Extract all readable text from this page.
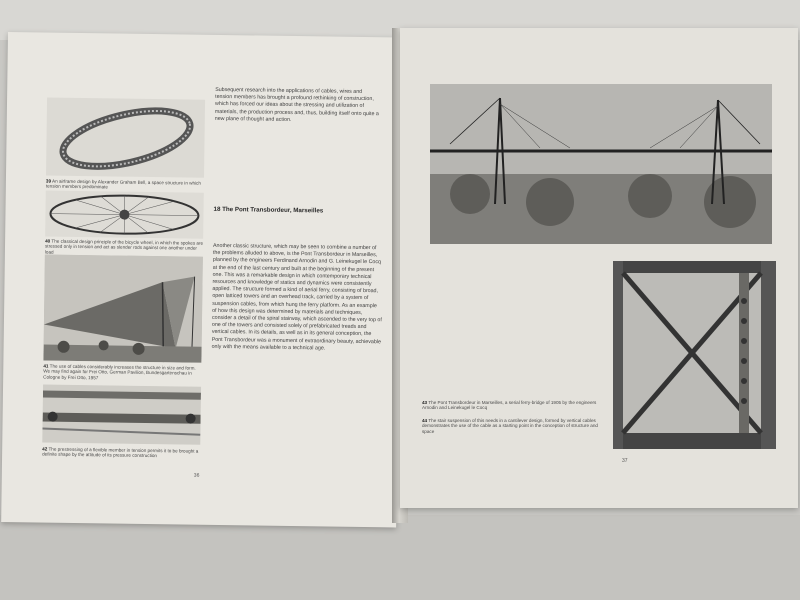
39 An airframe design by Alexander Graham Bell, a space structure in which tension members predominate
40 The classical design principle of the bicycle wheel, in which the spokes are stressed only in tension and act as slender rods against one another under load
41 The use of cables considerably increases the structure in size and form. We may find again for Frei Otto, German Pavilion, Bundesgartenschau in Cologne by Frei Otto, 1957
42 The prestressing of a flexible member in tension permits it to be brought a definite shape by the attitude of its pressure construction
Subsequent research into the applications of cables, wires and tension members has brought a profound rethinking of construction, which has forced our ideas about the stressing and utilization of materials, the production process and, thus, building itself onto quite a new plane of thought and action.
18 The Pont Transbordeur, Marseilles
Another classic structure, which may be seen to combine a number of the problems alluded to above, is the Pont Transbordeur in Marseilles, planned by the engineers Ferdinand Arnodin and G. Leinekugel le Cocq at the end of the last century and built at the beginning of the present one. This was a remarkable design in which contemporary technical resources and knowledge of statics and dynamics were consistently applied. The structure formed a kind of aerial ferry, consisting of broad, open latticed towers and an overhead track, carried by a system of suspension cables, from which hung the ferry platform. As an example of how this design was determined by materials and techniques, consider a detail of the spiral stairway, which ascended to the very top of one of the towers and consisted solely of prefabricated treads and vertical cables. In its details, as well as in its general conception, the Pont Transbordeur was a monument of extraordinary beauty, achievable only with the means available to a technical age.
36
43 The Pont Transbordeur in Marseilles, a serial ferry-bridge of 1905 by the engineers Arnodin and Leinekugel le Cocq
44 The stair suspension of this needs in a cantilever design, formed by vertical cables demonstrates the use of the cable as a starting point in the conception of structure and space
37
